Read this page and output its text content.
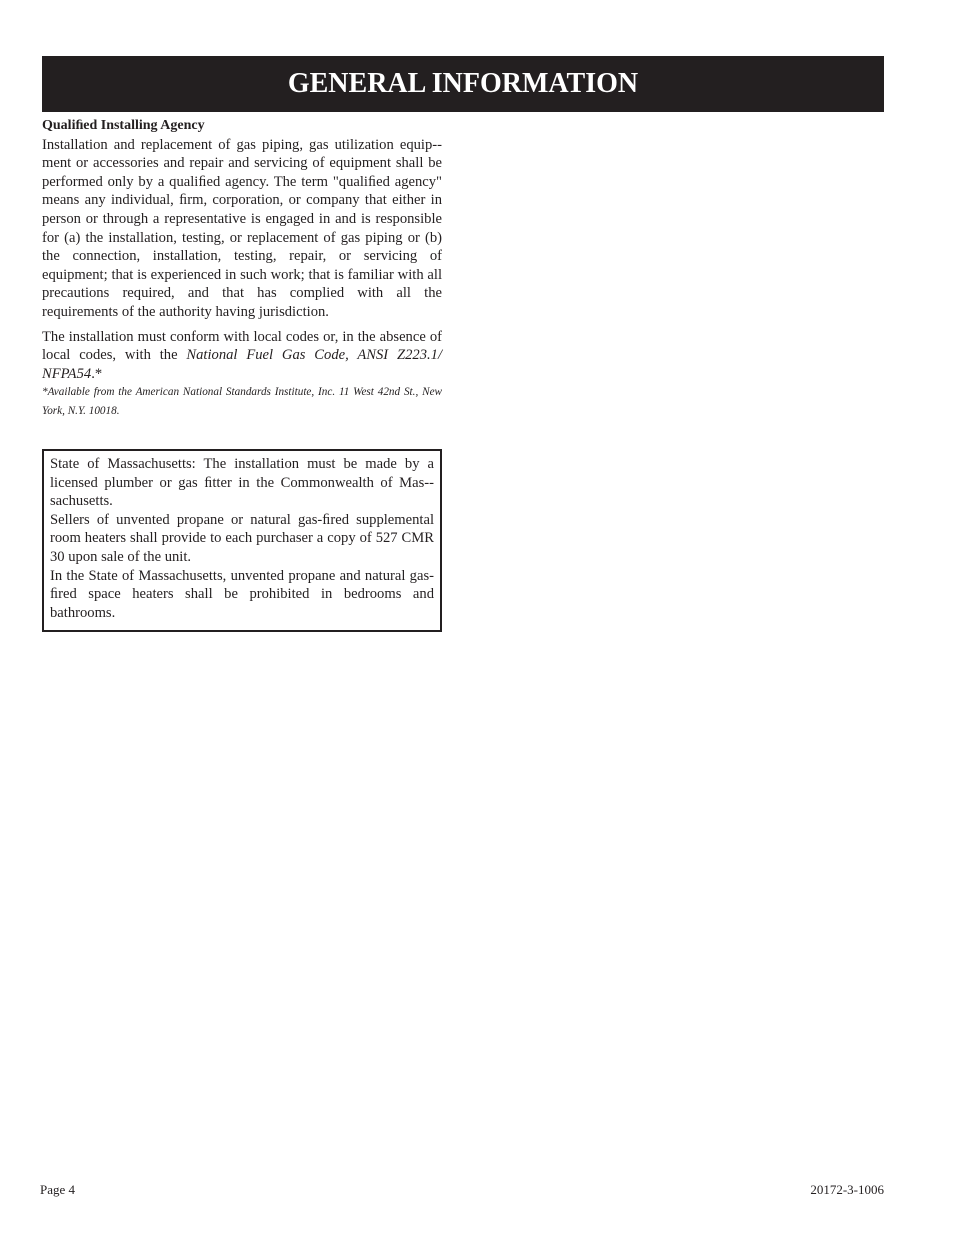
GENERAL INFORMATION
Qualiﬁed Installing Agency

Installation and replacement of gas piping, gas utilization equip-ment or accessories and repair and servicing of equipment shall be performed only by a qualiﬁed agency. The term "qualiﬁed agency" means any individual, ﬁrm, corporation, or company that either in person or through a representative is engaged in and is responsible for (a) the installation, testing, or replacement of gas piping or (b) the connection, installation, testing, repair, or servicing of equipment; that is experienced in such work; that is familiar with all precautions required, and that has complied with all the requirements of the authority having jurisdiction.

The installation must conform with local codes or, in the absence of local codes, with the National Fuel Gas Code, ANSI Z223.1/ NFPA54.*

*Available from the American National Standards Institute, Inc. 11 West 42nd St., New York, N.Y. 10018.

State of Massachusetts: The installation must be made by a licensed plumber or gas ﬁtter in the Commonwealth of Mas-sachusetts.

Sellers of unvented propane or natural gas-ﬁred supplemental room heaters shall provide to each purchaser a copy of 527 CMR 30 upon sale of the unit.

In the State of Massachusetts, unvented propane and natural gas-ﬁred space heaters shall be prohibited in bedrooms and bathrooms.

Page 4	20172-3-1006
